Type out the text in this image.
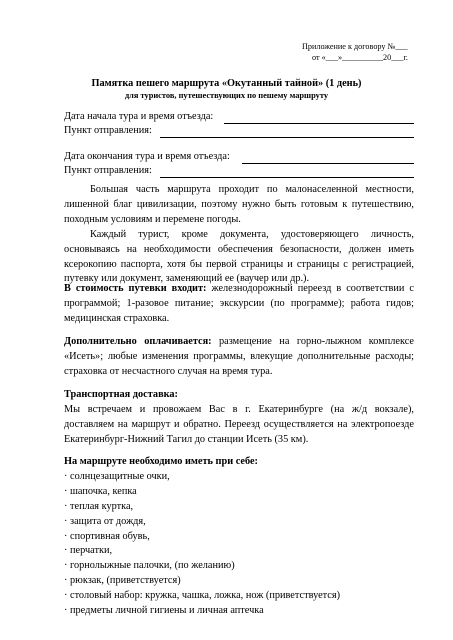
Приложение к договору №___
от «___»__________20___г.
Памятка пешего маршрута «Окутанный тайной» (1 день)
для туристов, путешествующих по пешему маршруту
Дата начала тура и время отъезда:
Пункт отправления:
Дата окончания тура и время отъезда:
Пункт отправления:

Большая часть маршрута проходит по малонаселенной местности, лишенной благ цивилизации, поэтому нужно быть готовым к путешествию, походным условиям и перемене погоды.

Каждый турист, кроме документа, удостоверяющего личность, основываясь на необходимости обеспечения безопасности, должен иметь ксерокопию паспорта, хотя бы первой страницы и страницы с регистрацией, путевку или документ, заменяющий ее (ваучер или др.).

В стоимость путевки входит: железнодорожный переезд в соответствии с программой; 1-разовое питание; экскурсии (по программе); работа гидов; медицинская страховка.

Дополнительно оплачивается: размещение на горно-лыжном комплексе «Исеть»; любые изменения программы, влекущие дополнительные расходы; страховка от несчастного случая на время тура.

Транспортная доставка:

Мы встречаем и провожаем Вас в г. Екатеринбурге (на ж/д вокзале), доставляем на маршрут и обратно. Переезд осуществляется на электропоезде Екатеринбург-Нижний Тагил до станции Исеть (35 км).

На маршруте необходимо иметь при себе:

· солнцезащитные очки,
· шапочка, кепка
· теплая куртка,
· защита от дождя,
· спортивная обувь,
· перчатки,
· горнолыжные палочки, (по желанию)
· рюкзак, (приветствуется)
· столовый набор: кружка, чашка, ложка, нож (приветствуется)
· предметы личной гигиены и личная аптечка
